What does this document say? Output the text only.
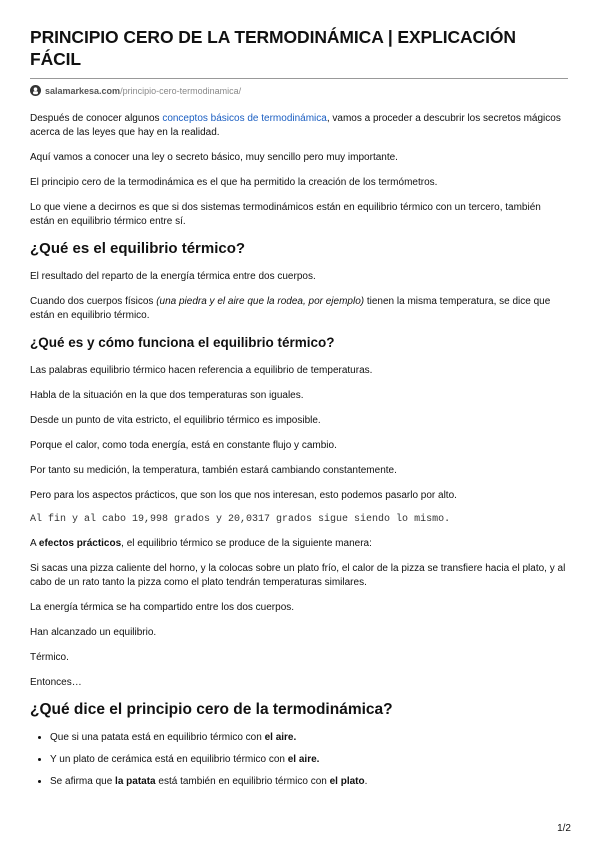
PRINCIPIO CERO DE LA TERMODINÁMICA | EXPLICACIÓN FÁCIL
salamarkesa.com /principio-cero-termodinamica/

Después de conocer algunos conceptos básicos de termodinámica, vamos a proceder a descubrir los secretos mágicos acerca de las leyes que hay en la realidad.

Aquí vamos a conocer una ley o secreto básico, muy sencillo pero muy importante.

El principio cero de la termodinámica es el que ha permitido la creación de los termómetros.

Lo que viene a decirnos es que si dos sistemas termodinámicos están en equilibrio térmico con un tercero, también están en equilibrio térmico entre sí.

¿Qué es el equilibrio térmico?

El resultado del reparto de la energía térmica entre dos cuerpos.

Cuando dos cuerpos físicos (una piedra y el aire que la rodea, por ejemplo) tienen la misma temperatura, se dice que están en equilibrio térmico.

¿Qué es y cómo funciona el equilibrio térmico?

Las palabras equilibrio térmico hacen referencia a equilibrio de temperaturas.

Habla de la situación en la que dos temperaturas son iguales.

Desde un punto de vita estricto, el equilibrio térmico es imposible.

Porque el calor, como toda energía, está en constante flujo y cambio.

Por tanto su medición, la temperatura, también estará cambiando constantemente.

Pero para los aspectos prácticos, que son los que nos interesan, esto podemos pasarlo por alto.

Al fin y al cabo 19,998 grados y 20,0317 grados sigue siendo lo mismo.

A efectos prácticos, el equilibrio térmico se produce de la siguiente manera:

Si sacas una pizza caliente del horno, y la colocas sobre un plato frío, el calor de la pizza se transfiere hacia el plato, y al cabo de un rato tanto la pizza como el plato tendrán temperaturas similares.

La energía térmica se ha compartido entre los dos cuerpos.

Han alcanzado un equilibrio.

Térmico.

Entonces…

¿Qué dice el principio cero de la termodinámica?
• Que si una patata está en equilibrio térmico con el aire.
• Y un plato de cerámica está en equilibrio térmico con el aire.
• Se afirma que la patata está también en equilibrio térmico con el plato.
1/2
